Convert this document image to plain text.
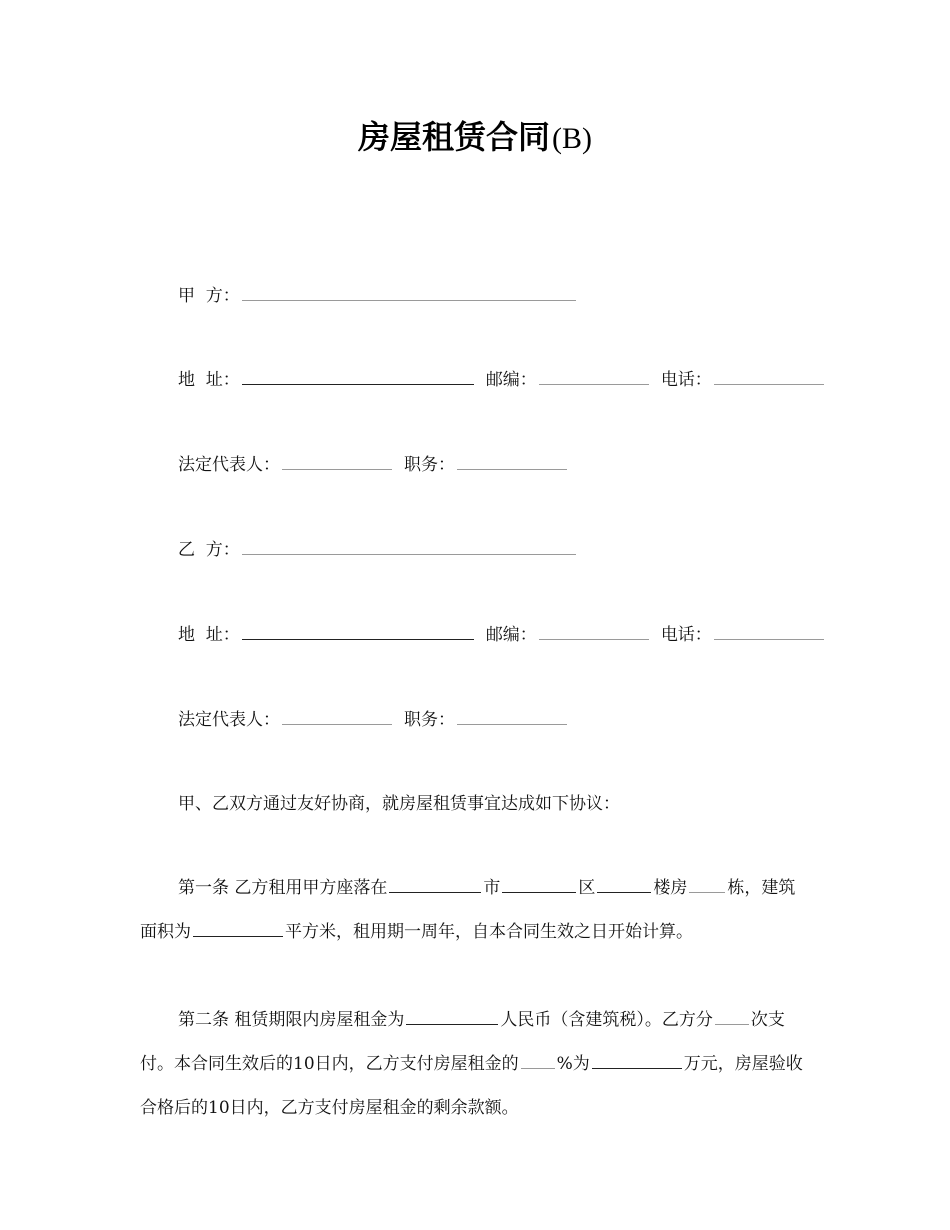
房屋租赁合同(B)
甲  方：
地  址：	邮编：	电话：
法定代表人：	职务：
乙  方：
地  址：	邮编：	电话：
法定代表人：	职务：
甲、乙双方通过友好协商，就房屋租赁事宜达成如下协议：
第一条 乙方租用甲方座落在	市	区	楼房 栋，建筑面积为	平方米，租用期一周年，自本合同生效之日开始计算。
第二条 租赁期限内房屋租金为	人民币（含建筑税）。乙方分 次支付。本合同生效后的10日内，乙方支付房屋租金的 %为	万元，房屋验收合格后的10日内，乙方支付房屋租金的剩余款额。
